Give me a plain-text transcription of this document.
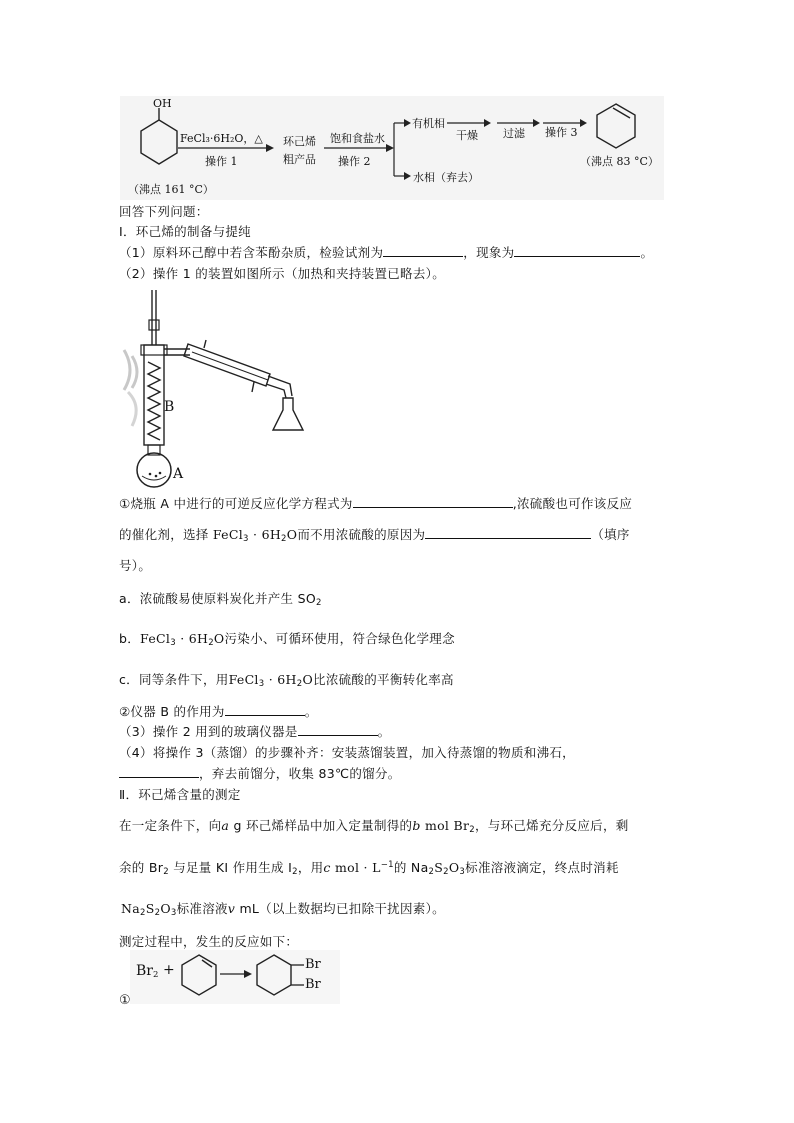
OH
FeCl₃·6H₂O，△
操作 1
环己烯
粗产品
饱和食盐水
操作 2
有机相
干燥 过滤 操作 3
水相（弃去）
（沸点 161 °C）
（沸点 83 °C）
回答下列问题：
Ⅰ．环己烯的制备与提纯
（1）原料环己醇中若含苯酚杂质，检验试剂为	，现象为	。
（2）操作 1 的装置如图所示（加热和夹持装置已略去）。
B
A
①烧瓶 A 中进行的可逆反应化学方程式为	,浓硫酸也可作该反应
的催化剂，选择 FeCl$_3$ · $6H_2O$而不用浓硫酸的原因为	（填序
号）。
a．浓硫酸易使原料炭化并产生 $SO_2$
b．FeCl$_3$ · $6H_2O$污染小、可循环使用，符合绿色化学理念
c．同等条件下，用FeCl$_3$ · $6H_2O$比浓硫酸的平衡转化率高
②仪器 B 的作用为	。
（3）操作 2 用到的玻璃仪器是	。
（4）将操作 3（蒸馏）的步骤补齐：安装蒸馏装置，加入待蒸馏的物质和沸石，
，弃去前馏分，收集 83℃的馏分。
Ⅱ．环己烯含量的测定
在一定条件下，向a g 环己烯样品中加入定量制得的b mol $Br_2$，与环己烯充分反应后，剩
余的 $Br_2$ 与足量 KI 作用生成 $I_2$，用c mol · $L^{-1}$的 $Na_2S_2O_3$标准溶液滴定，终点时消耗
$Na_2S_2O_3$标准溶液v mL（以上数据均已扣除干扰因素）。
测定过程中，发生的反应如下：
$Br_2$ +	Br
Br
①
